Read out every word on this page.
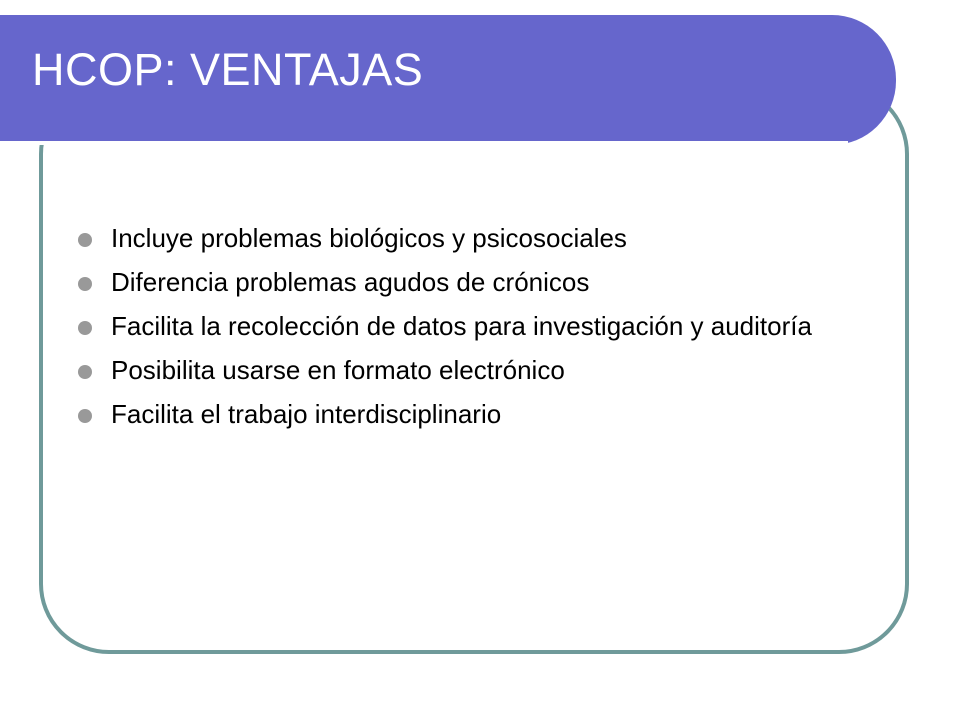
HCOP: VENTAJAS
Incluye problemas biológicos y psicosociales
Diferencia problemas agudos de crónicos
Facilita la recolección de datos para investigación y auditoría
Posibilita usarse en formato electrónico
Facilita el trabajo interdisciplinario
